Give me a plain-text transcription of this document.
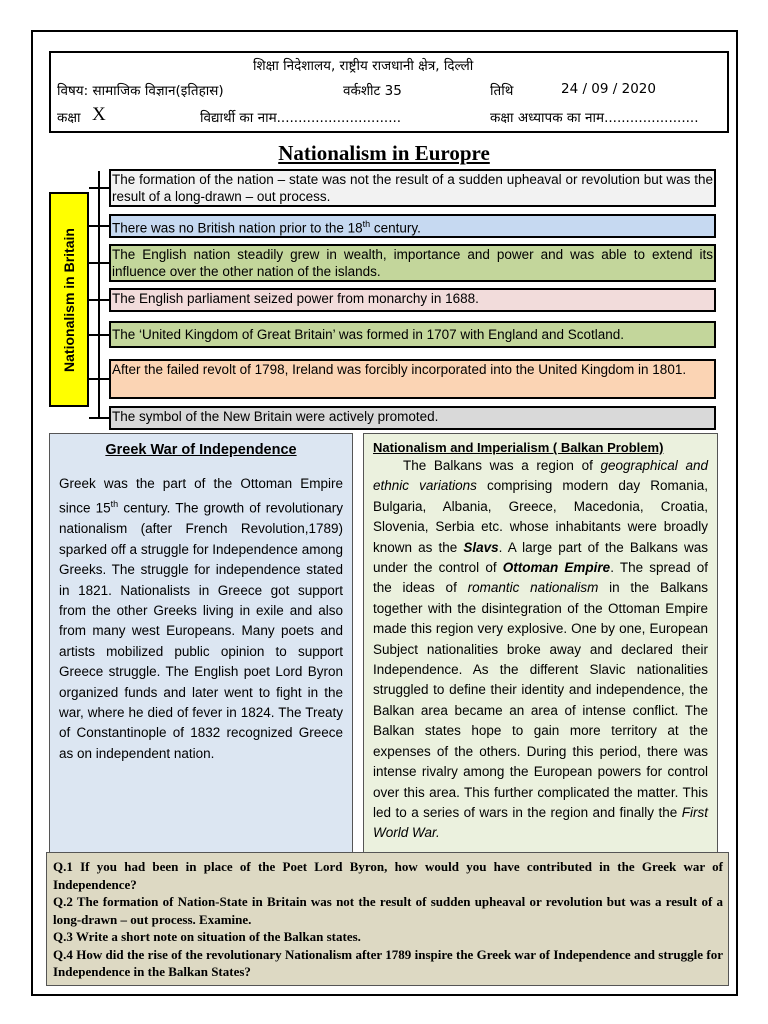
शिक्षा निदेशालय, राष्ट्रीय राजधानी क्षेत्र, दिल्ली
विषय: सामाजिक विज्ञान(इतिहास)	वर्कशीट 35	तिथि	24 / 09 / 2020
कक्षा X	विद्यार्थी का नाम.............................	कक्षा अध्यापक का नाम......................
Nationalism in Europre
Nationalism in Britain
The formation of the nation – state was not the result of a sudden upheaval or revolution but was the result of a long-drawn – out process.
There was no British nation prior to the 18th century.
The English nation steadily grew in wealth, importance and power and was able to extend its influence over the other nation of the islands.
The English parliament seized power from monarchy in 1688.
The ‘United Kingdom of Great Britain’ was formed in 1707 with England and Scotland.
After the failed revolt of 1798, Ireland was forcibly incorporated into the United Kingdom in 1801.
The symbol of the New Britain were actively promoted.
Greek War of Independence
Greek was the part of the Ottoman Empire since 15th century. The growth of revolutionary nationalism (after French Revolution,1789) sparked off a struggle for Independence among Greeks. The struggle for independence stated in 1821. Nationalists in Greece got support from the other Greeks living in exile and also from many west Europeans. Many poets and artists mobilized public opinion to support Greece struggle. The English poet Lord Byron organized funds and later went to fight in the war, where he died of fever in 1824. The Treaty of Constantinople of 1832 recognized Greece as on independent nation.
Nationalism and Imperialism ( Balkan Problem)
The Balkans was a region of geographical and ethnic variations comprising modern day Romania, Bulgaria, Albania, Greece, Macedonia, Croatia, Slovenia, Serbia etc. whose inhabitants were broadly known as the Slavs. A large part of the Balkans was under the control of Ottoman Empire. The spread of the ideas of romantic nationalism in the Balkans together with the disintegration of the Ottoman Empire made this region very explosive. One by one, European Subject nationalities broke away and declared their Independence. As the different Slavic nationalities struggled to define their identity and independence, the Balkan area became an area of intense conflict. The Balkan states hope to gain more territory at the expenses of the others. During this period, there was intense rivalry among the European powers for control over this area. This further complicated the matter. This led to a series of wars in the region and finally the First World War.
Q.1 If you had been in place of the Poet Lord Byron, how would you have contributed in the Greek war of Independence?
Q.2 The formation of Nation-State in Britain was not the result of sudden upheaval or revolution but was a result of a long-drawn – out process. Examine.
Q.3 Write a short note on situation of the Balkan states.
Q.4 How did the rise of the revolutionary Nationalism after 1789 inspire the Greek war of Independence and struggle for Independence in the Balkan States?
